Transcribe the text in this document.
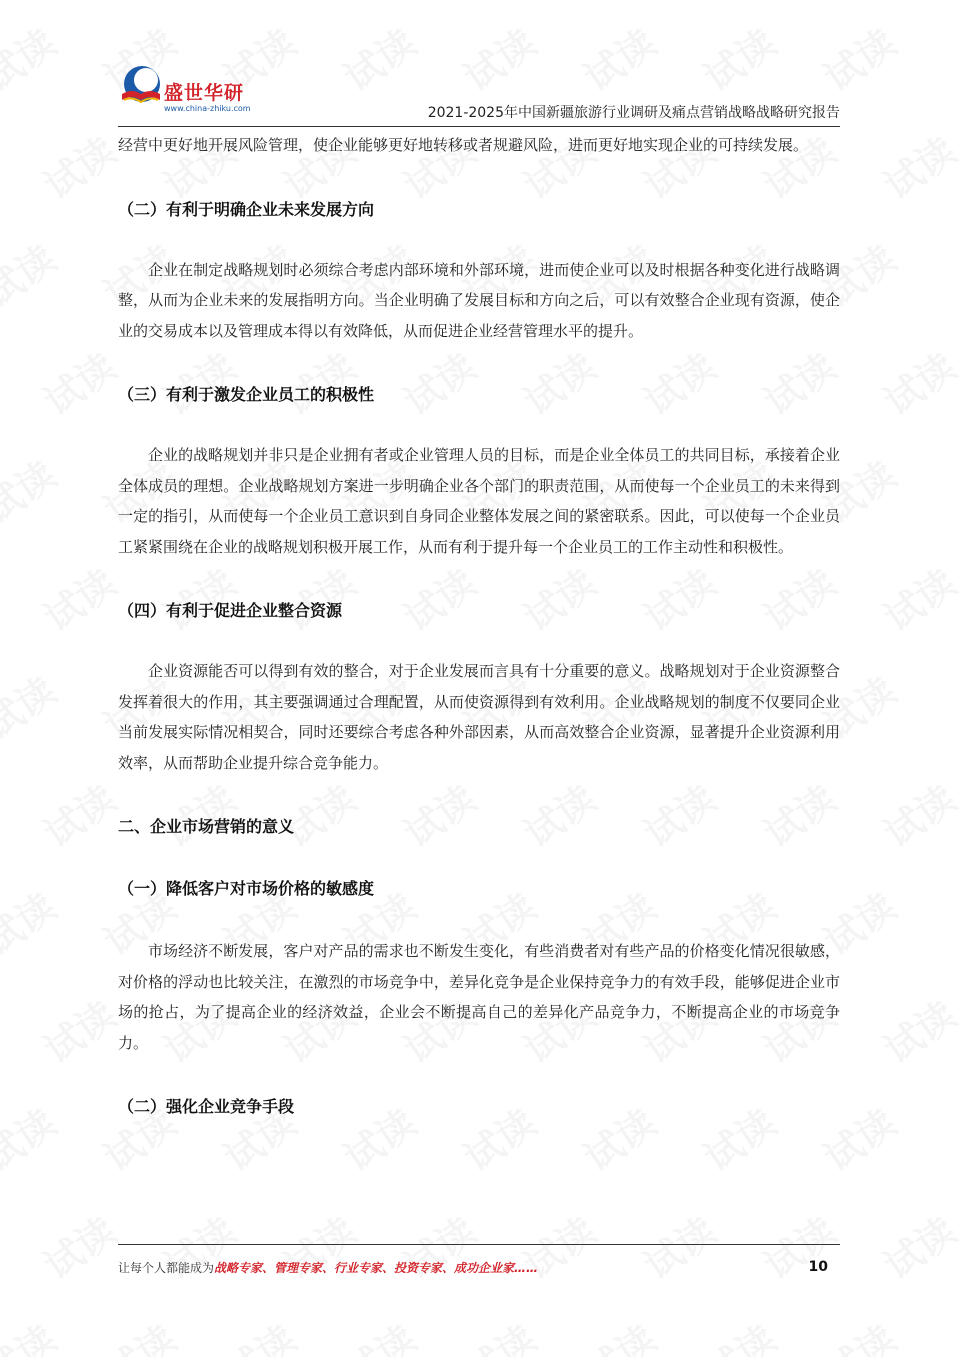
盛世华研
www.china-zhiku.com	2021-2025年中国新疆旅游行业调研及痛点营销战略战略研究报告

经营中更好地开展风险管理，使企业能够更好地转移或者规避风险，进而更好地实现企业的可持续发展。

（二）有利于明确企业未来发展方向

企业在制定战略规划时必须综合考虑内部环境和外部环境，进而使企业可以及时根据各种变化进行战略调整，从而为企业未来的发展指明方向。当企业明确了发展目标和方向之后，可以有效整合企业现有资源，使企业的交易成本以及管理成本得以有效降低，从而促进企业经营管理水平的提升。

（三）有利于激发企业员工的积极性

企业的战略规划并非只是企业拥有者或企业管理人员的目标，而是企业全体员工的共同目标，承接着企业全体成员的理想。企业战略规划方案进一步明确企业各个部门的职责范围，从而使每一个企业员工的未来得到一定的指引，从而使每一个企业员工意识到自身同企业整体发展之间的紧密联系。因此，可以使每一个企业员工紧紧围绕在企业的战略规划积极开展工作，从而有利于提升每一个企业员工的工作主动性和积极性。

（四）有利于促进企业整合资源

企业资源能否可以得到有效的整合，对于企业发展而言具有十分重要的意义。战略规划对于企业资源整合发挥着很大的作用，其主要强调通过合理配置，从而使资源得到有效利用。企业战略规划的制度不仅要同企业当前发展实际情况相契合，同时还要综合考虑各种外部因素，从而高效整合企业资源，显著提升企业资源利用效率，从而帮助企业提升综合竞争能力。

二、企业市场营销的意义
（一）降低客户对市场价格的敏感度

市场经济不断发展，客户对产品的需求也不断发生变化，有些消费者对有些产品的价格变化情况很敏感，对价格的浮动也比较关注，在激烈的市场竞争中，差异化竞争是企业保持竞争力的有效手段，能够促进企业市场的抢占，为了提高企业的经济效益，企业会不断提高自己的差异化产品竞争力，不断提高企业的市场竞争力。

（二）强化企业竞争手段
让每个人都能成为战略专家、管理专家、行业专家、投资专家、成功企业家……	10
